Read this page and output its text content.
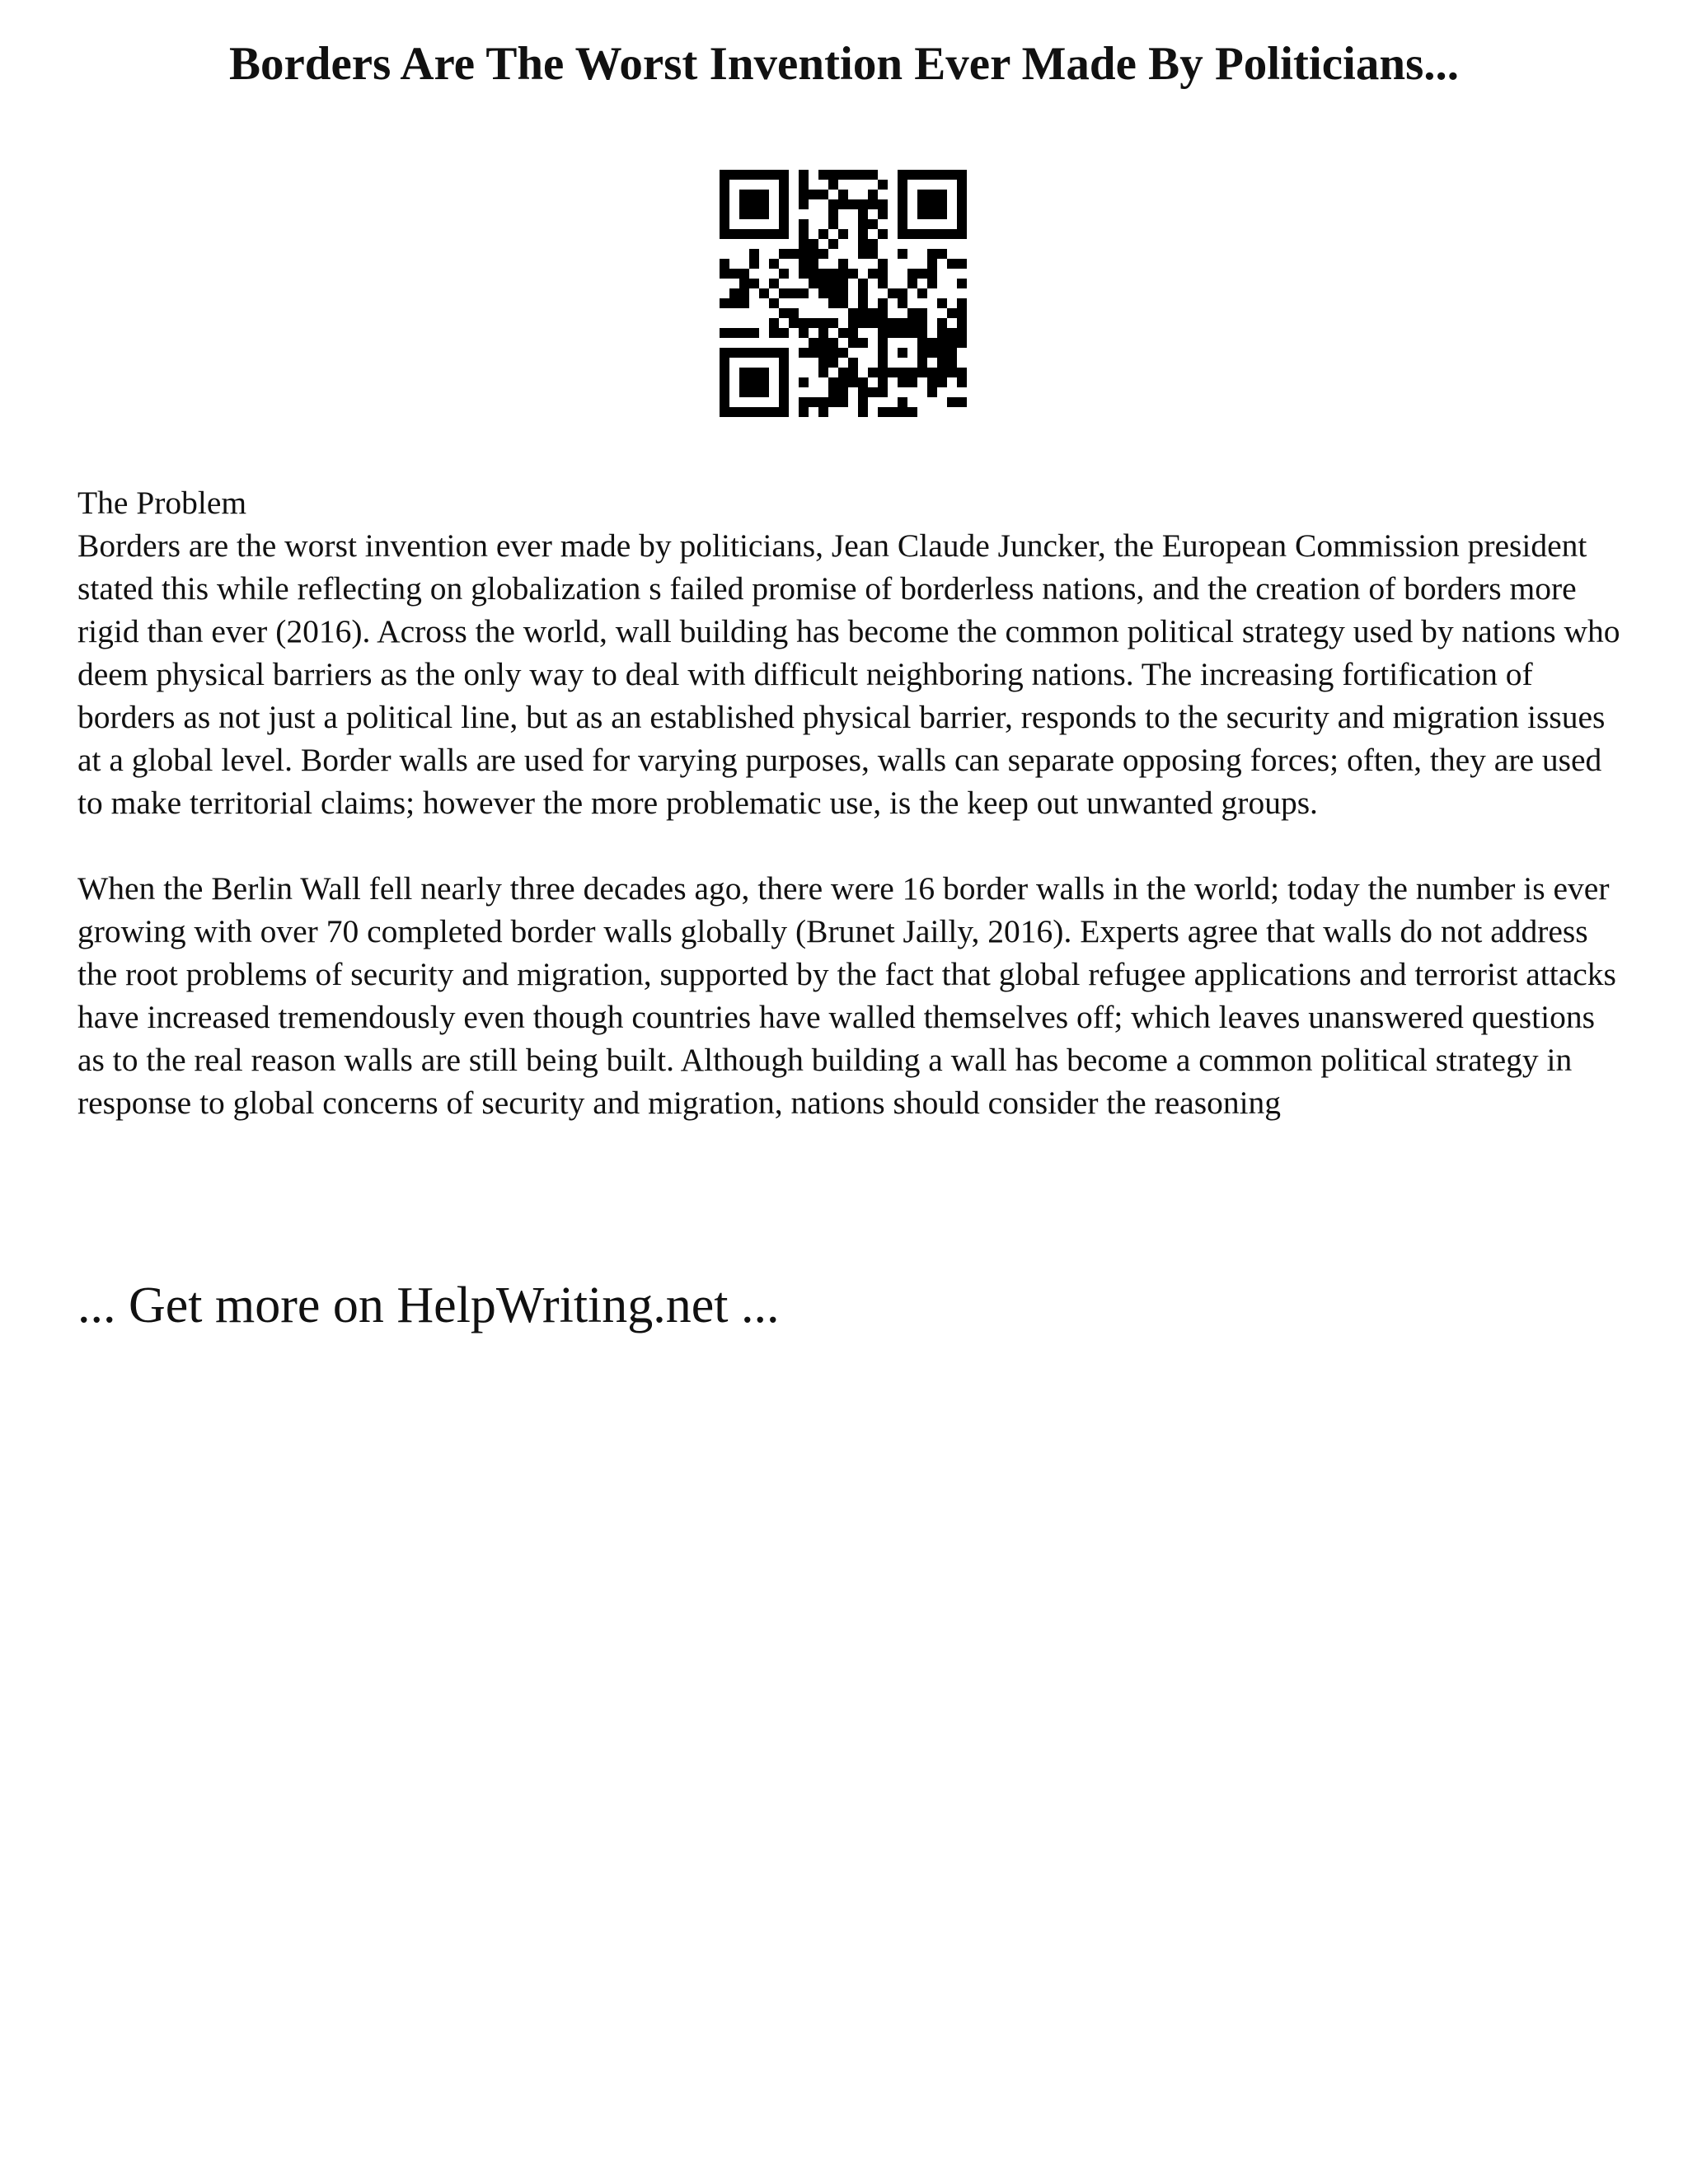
Borders Are The Worst Invention Ever Made By Politicians...

The Problem

Borders are the worst invention ever made by politicians, Jean Claude Juncker, the European Commission president stated this while reflecting on globalization s failed promise of borderless nations, and the creation of borders more rigid than ever (2016). Across the world, wall building has become the common political strategy used by nations who deem physical barriers as the only way to deal with difficult neighboring nations. The increasing fortification of borders as not just a political line, but as an established physical barrier, responds to the security and migration issues at a global level. Border walls are used for varying purposes, walls can separate opposing forces; often, they are used to make territorial claims; however the more problematic use, is the keep out unwanted groups.

When the Berlin Wall fell nearly three decades ago, there were 16 border walls in the world; today the number is ever growing with over 70 completed border walls globally (Brunet Jailly, 2016). Experts agree that walls do not address the root problems of security and migration, supported by the fact that global refugee applications and terrorist attacks have increased tremendously even though countries have walled themselves off; which leaves unanswered questions as to the real reason walls are still being built. Although building a wall has become a common political strategy in response to global concerns of security and migration, nations should consider the reasoning

... Get more on HelpWriting.net ...
